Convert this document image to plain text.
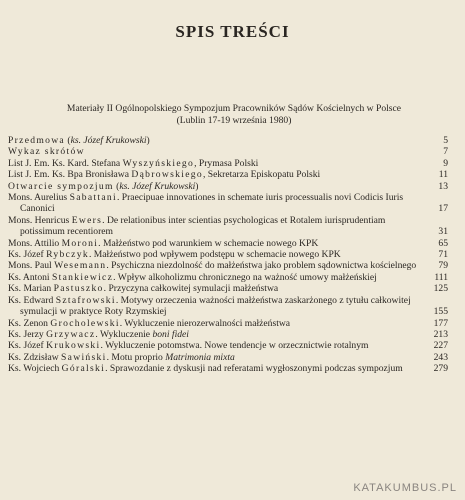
SPIS TREŚCI
Materiały II Ogólnopolskiego Sympozjum Pracowników Sądów Kościelnych w Polsce
(Lublin 17-19 września 1980)
Przedmowa (ks. Józef Krukowski)	5
Wykaz skrótów	7
List J. Em. Ks. Kard. Stefana Wyszyńskiego, Prymasa Polski	9
List J. Em. Ks. Bpa Bronisława Dąbrowskiego, Sekretarza Episkopatu Polski	11
Otwarcie sympozjum (ks. Józef Krukowski)	13
Mons. Aurelius Sabattani. Praecipuae innovationes in schemate iuris processualis novi Codicis Iuris Canonici	17
Mons. Henricus Ewers. De relationibus inter scientias psychologicas et Rotalem iurisprudentiam potissimum recentiorem	31
Mons. Attilio Moroni. Małżeństwo pod warunkiem w schemacie nowego KPK	65
Ks. Józef Rybczyk. Małżeństwo pod wpływem podstępu w schemacie nowego KPK	71
Mons. Paul Wesemann. Psychiczna niezdolność do małżeństwa jako problem sądownictwa kościelnego	79
Ks. Antoni Stankiewicz. Wpływ alkoholizmu chronicznego na ważność umowy małżeńskiej	111
Ks. Marian Pastuszko. Przyczyna całkowitej symulacji małżeństwa	125
Ks. Edward Sztafrowski. Motywy orzeczenia ważności małżeństwa zaskarżonego z tytułu całkowitej symulacji w praktyce Roty Rzymskiej	155
Ks. Zenon Grocholewski. Wykluczenie nierozerwalności małżeństwa	177
Ks. Jerzy Grzywacz. Wykluczenie boni fidei	213
Ks. Józef Krukowski. Wykluczenie potomstwa. Nowe tendencje w orzecznictwie rotalnym	227
Ks. Zdzisław Sawiński. Motu proprio Matrimonia mixta	243
Ks. Wojciech Góralski. Sprawozdanie z dyskusji nad referatami wygłoszonymi podczas sympozjum	279
KATAKUMBUS.PL
